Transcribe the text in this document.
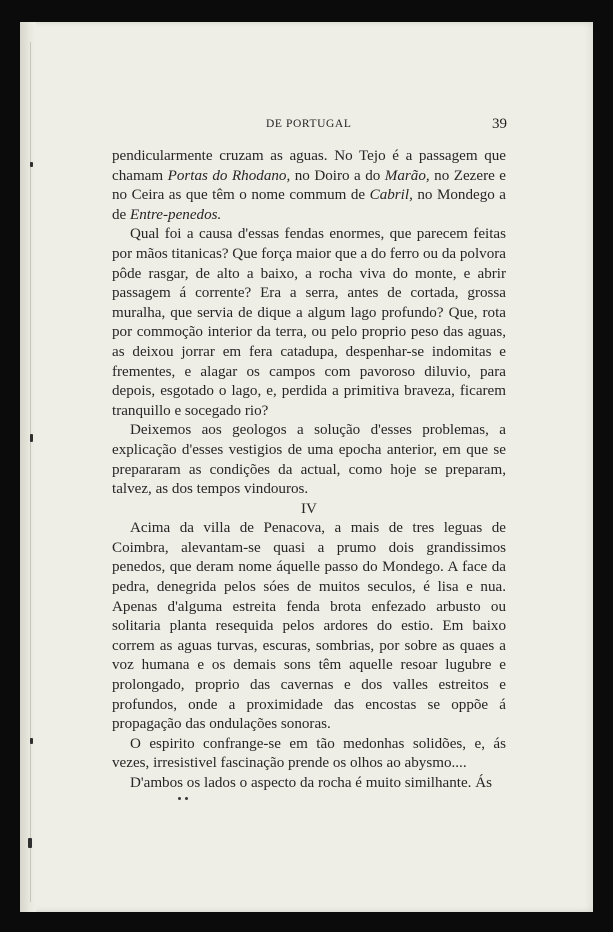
DE PORTUGAL	39

pendicularmente cruzam as aguas. No Tejo é a passagem que chamam Portas do Rhodano, no Doiro a do Marão, no Zezere e no Ceira as que têm o nome commum de Cabril, no Mondego a de Entre-penedos.

Qual foi a causa d'essas fendas enormes, que parecem feitas por mãos titanicas? Que força maior que a do ferro ou da polvora pôde rasgar, de alto a baixo, a rocha viva do monte, e abrir passagem á corrente? Era a serra, antes de cortada, grossa muralha, que servia de dique a algum lago profundo? Que, rota por commoção interior da terra, ou pelo proprio peso das aguas, as deixou jorrar em fera catadupa, despenhar-se indomitas e frementes, e alagar os campos com pavoroso diluvio, para depois, esgotado o lago, e, perdida a primitiva braveza, ficarem tranquillo e socegado rio?

Deixemos aos geologos a solução d'esses problemas, a explicação d'esses vestigios de uma epocha anterior, em que se prepararam as condições da actual, como hoje se preparam, talvez, as dos tempos vindouros.

IV

Acima da villa de Penacova, a mais de tres leguas de Coimbra, alevantam-se quasi a prumo dois grandissimos penedos, que deram nome áquelle passo do Mondego. A face da pedra, denegrida pelos sóes de muitos seculos, é lisa e nua. Apenas d'alguma estreita fenda brota enfezado arbusto ou solitaria planta resequida pelos ardores do estio. Em baixo correm as aguas turvas, escuras, sombrias, por sobre as quaes a voz humana e os demais sons têm aquelle resoar lugubre e prolongado, proprio das cavernas e dos valles estreitos e profundos, onde a proximidade das encostas se oppõe á propagação das ondulações sonoras.

O espirito confrange-se em tão medonhas solidões, e, ás vezes, irresistivel fascinação prende os olhos ao abysmo....

D'ambos os lados o aspecto da rocha é muito similhante. Ás
